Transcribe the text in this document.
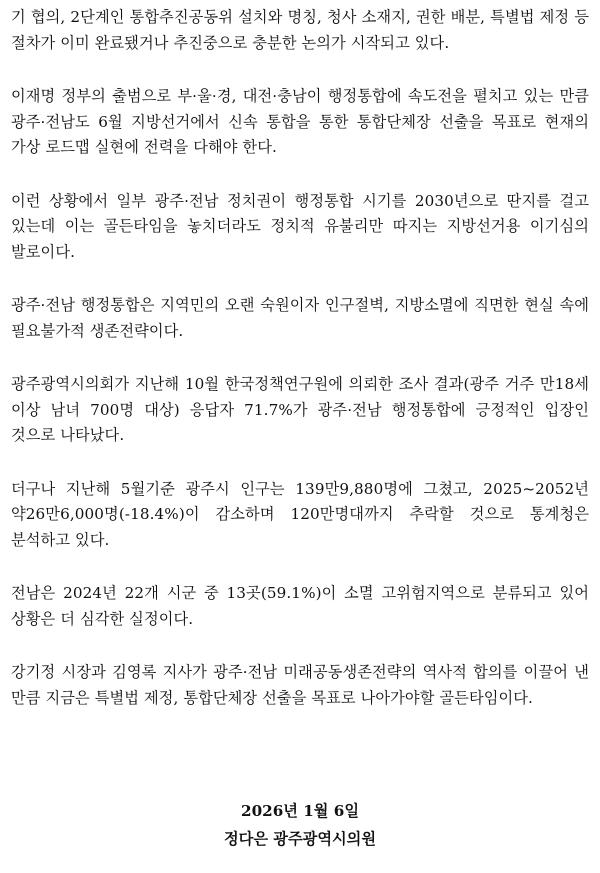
기 협의, 2단계인 통합추진공동위 설치와 명칭, 청사 소재지, 권한 배분, 특별법 제정 등 절차가 이미 완료됐거나 추진중으로 충분한 논의가 시작되고 있다.

이재명 정부의 출범으로 부·울·경, 대전·충남이 행정통합에 속도전을 펼치고 있는 만큼 광주·전남도 6월 지방선거에서 신속 통합을 통한 통합단체장 선출을 목표로 현재의 가상 로드맵 실현에 전력을 다해야 한다.

이런 상황에서 일부 광주·전남 정치권이 행정통합 시기를 2030년으로 딴지를 걸고 있는데 이는 골든타임을 놓치더라도 정치적 유불리만 따지는 지방선거용 이기심의 발로이다.

광주·전남 행정통합은 지역민의 오랜 숙원이자 인구절벽, 지방소멸에 직면한 현실 속에 필요불가적 생존전략이다.

광주광역시의회가 지난해 10월 한국정책연구원에 의뢰한 조사 결과(광주 거주 만18세 이상 남녀 700명 대상) 응답자 71.7%가 광주·전남 행정통합에 긍정적인 입장인 것으로 나타났다.

더구나 지난해 5월기준 광주시 인구는 139만9,880명에 그쳤고, 2025~2052년 약26만6,000명(-18.4%)이 감소하며 120만명대까지 추락할 것으로 통계청은 분석하고 있다.

전남은 2024년 22개 시군 중 13곳(59.1%)이 소멸 고위험지역으로 분류되고 있어 상황은 더 심각한 실정이다.

강기정 시장과 김영록 지사가 광주·전남 미래공동생존전략의 역사적 합의를 이끌어 낸 만큼 지금은 특별법 제정, 통합단체장 선출을 목표로 나아가야할 골든타임이다.

2026년 1월 6일
정다은 광주광역시의원
